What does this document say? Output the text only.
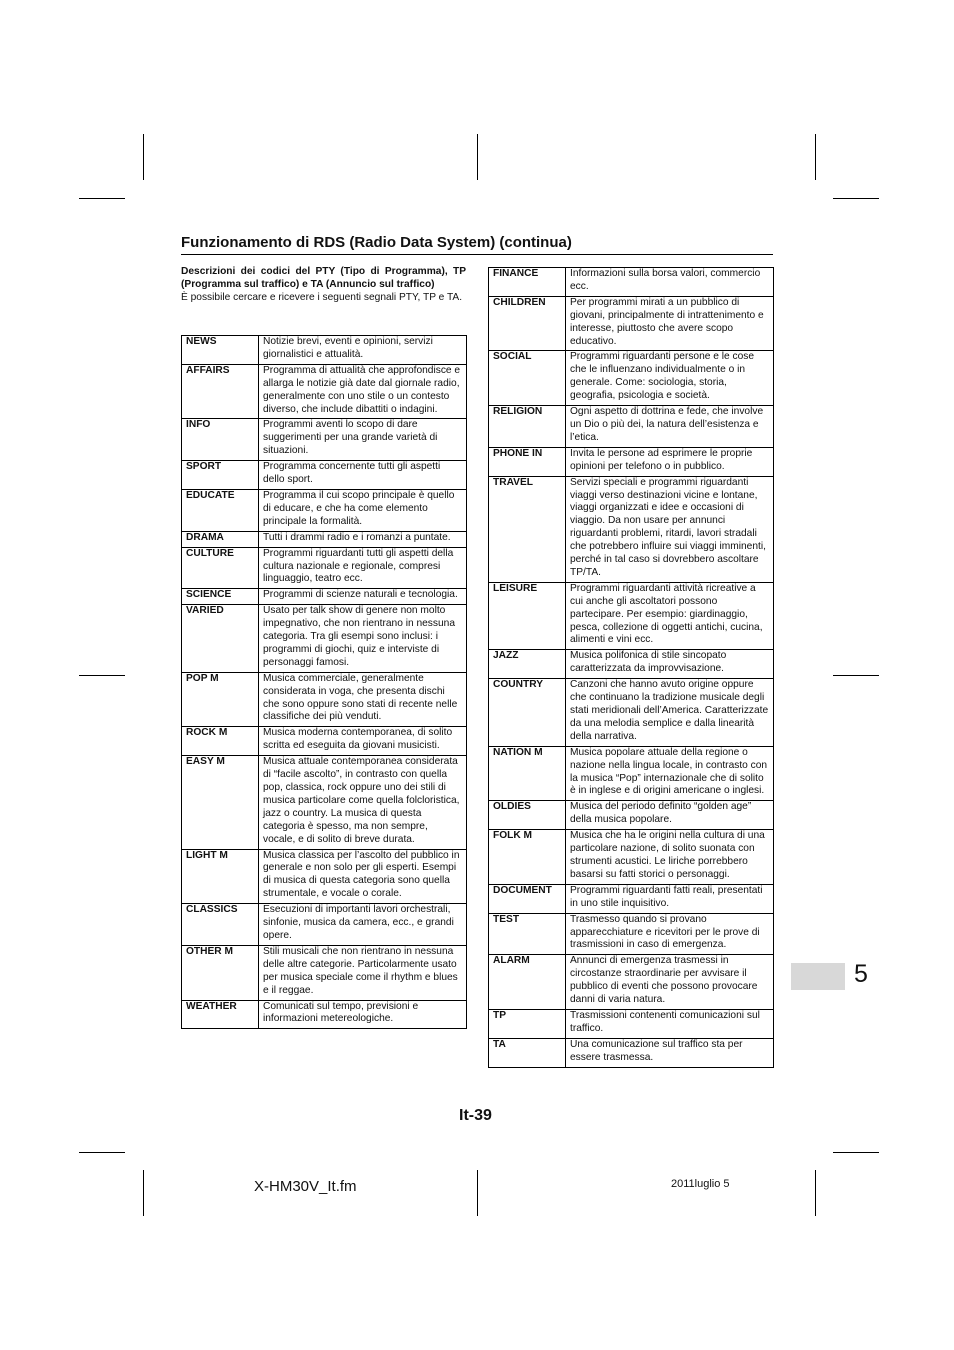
Funzionamento di RDS (Radio Data System) (continua)
Descrizioni dei codici del PTY (Tipo di Programma), TP (Programma sul traffico) e TA (Annuncio sul traffico)
È possibile cercare e ricevere i seguenti segnali PTY, TP e TA.
NEWS	Notizie brevi, eventi e opinioni, servizi giornalistici e attualità.
AFFAIRS	Programma di attualità che approfondisce e allarga le notizie già date dal giornale radio, generalmente con uno stile o un contesto diverso, che include dibattiti o indagini.
INFO	Programmi aventi lo scopo di dare suggerimenti per una grande varietà di situazioni.
SPORT	Programma concernente tutti gli aspetti dello sport.
EDUCATE	Programma il cui scopo principale è quello di educare, e che ha come elemento principale la formalità.
DRAMA	Tutti i drammi radio e i romanzi a puntate.
CULTURE	Programmi riguardanti tutti gli aspetti della cultura nazionale e regionale, compresi linguaggio, teatro ecc.
SCIENCE	Programmi di scienze naturali e tecnologia.
VARIED	Usato per talk show di genere non molto impegnativo, che non rientrano in nessuna categoria. Tra gli esempi sono inclusi: i programmi di giochi, quiz e interviste di personaggi famosi.
POP M	Musica commerciale, generalmente considerata in voga, che presenta dischi che sono oppure sono stati di recente nelle classifiche dei più venduti.
ROCK M	Musica moderna contemporanea, di solito scritta ed eseguita da giovani musicisti.
EASY M	Musica attuale contemporanea considerata di “facile ascolto”, in contrasto con quella pop, classica, rock oppure uno dei stili di musica particolare come quella folcloristica, jazz o country. La musica di questa categoria è spesso, ma non sempre, vocale, e di solito di breve durata.
LIGHT M	Musica classica per l’ascolto del pubblico in generale e non solo per gli esperti. Esempi di musica di questa categoria sono quella strumentale, e vocale o corale.
CLASSICS	Esecuzioni di importanti lavori orchestrali, sinfonie, musica da camera, ecc., e grandi opere.
OTHER M	Stili musicali che non rientrano in nessuna delle altre categorie. Particolarmente usato per musica speciale come il rhythm e blues e il reggae.
WEATHER	Comunicati sul tempo, previsioni e informazioni metereologiche.
FINANCE	Informazioni sulla borsa valori, commercio ecc.
CHILDREN	Per programmi mirati a un pubblico di giovani, principalmente di intrattenimento e interesse, piuttosto che avere scopo educativo.
SOCIAL	Programmi riguardanti persone e le cose che le influenzano individualmente o in generale. Come: sociologia, storia, geografia, psicologia e società.
RELIGION	Ogni aspetto di dottrina e fede, che involve un Dio o più dei, la natura dell’esistenza e l’etica.
PHONE IN	Invita le persone ad esprimere le proprie opinioni per telefono o in pubblico.
TRAVEL	Servizi speciali e programmi riguardanti viaggi verso destinazioni vicine e lontane, viaggi organizzati e idee e occasioni di viaggio. Da non usare per annunci riguardanti problemi, ritardi, lavori stradali che potrebbero influire sui viaggi imminenti, perché in tal caso si dovrebbero ascoltare TP/TA.
LEISURE	Programmi riguardanti attività ricreative a cui anche gli ascoltatori possono partecipare. Per esempio: giardinaggio, pesca, collezione di oggetti antichi, cucina, alimenti e vini ecc.
JAZZ	Musica polifonica di stile sincopato caratterizzata da improvvisazione.
COUNTRY	Canzoni che hanno avuto origine oppure che continuano la tradizione musicale degli stati meridionali dell’America. Caratterizzate da una melodia semplice e dalla linearità della narrativa.
NATION M	Musica popolare attuale della regione o nazione nella lingua locale, in contrasto con la musica “Pop” internazionale che di solito è in inglese e di origini americane o inglesi.
OLDIES	Musica del periodo definito “golden age” della musica popolare.
FOLK M	Musica che ha le origini nella cultura di una particolare nazione, di solito suonata con strumenti acustici. Le liriche porrebbero basarsi su fatti storici o personaggi.
DOCUMENT	Programmi riguardanti fatti reali, presentati in uno stile inquisitivo.
TEST	Trasmesso quando si provano apparecchiature e ricevitori per le prove di trasmissioni in caso di emergenza.
ALARM	Annunci di emergenza trasmessi in circostanze straordinarie per avvisare il pubblico di eventi che possono provocare danni di varia natura.
TP	Trasmissioni contenenti comunicazioni sul traffico.
TA	Una comunicazione sul traffico sta per essere trasmessa.
It-39
X-HM30V_It.fm	2011luglio 5
5
